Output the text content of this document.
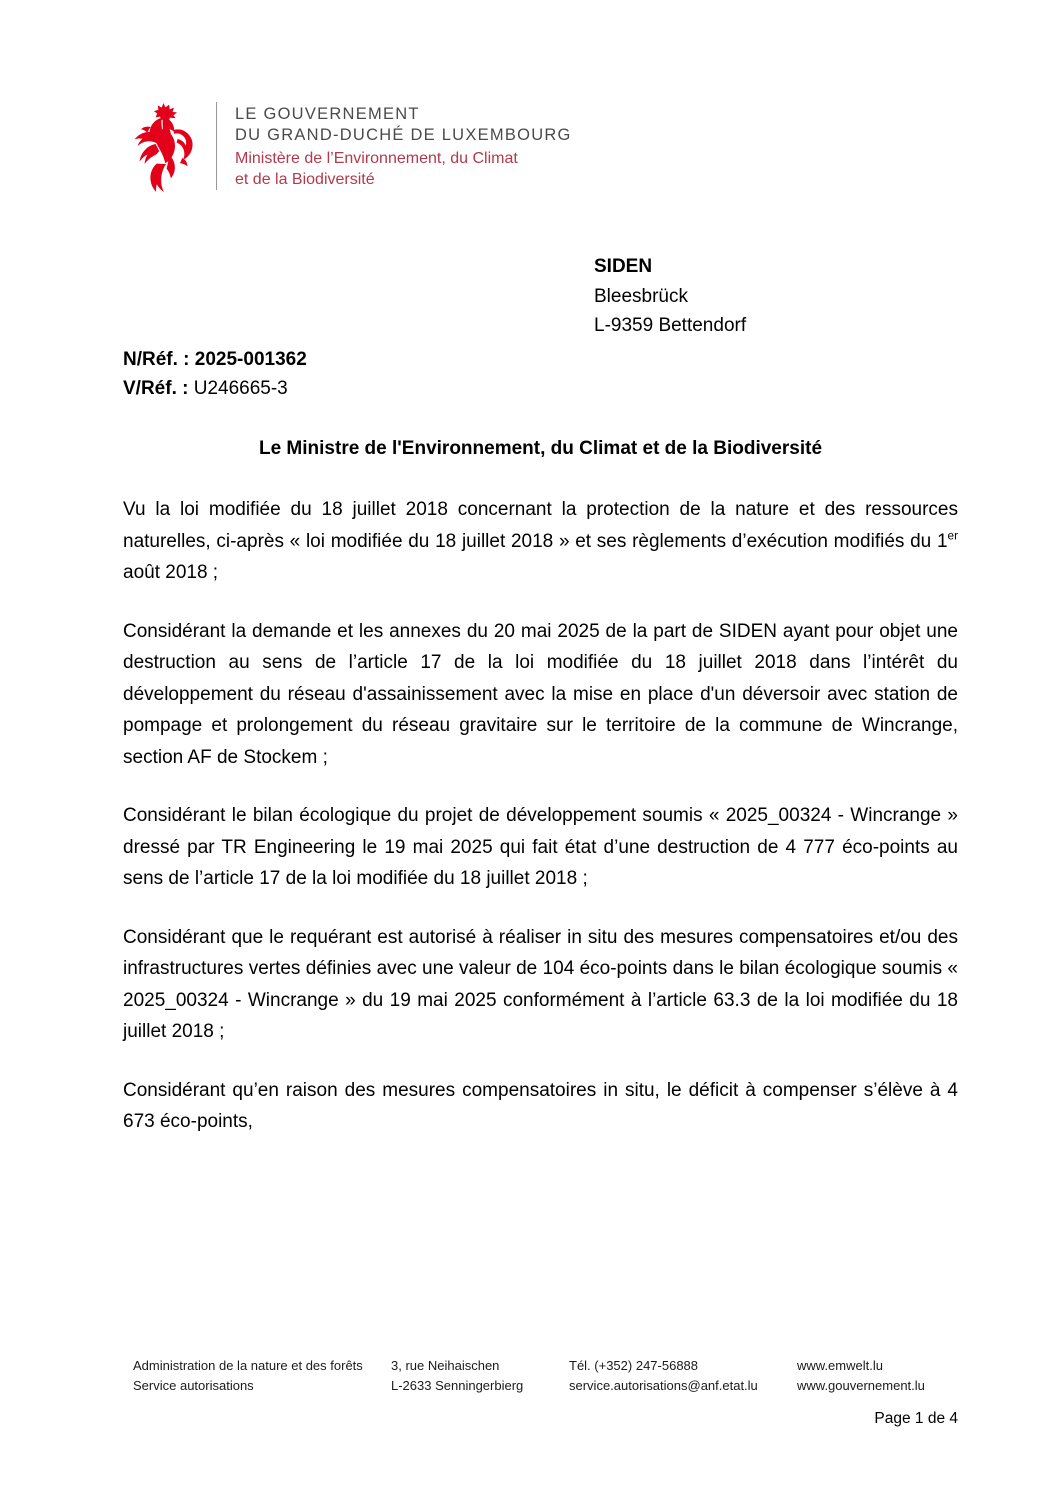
LE GOUVERNEMENT
DU GRAND-DUCHÉ DE LUXEMBOURG
Ministère de l’Environnement, du Climat
et de la Biodiversité
SIDEN
Bleesbrück
L-9359 Bettendorf
N/Réf. : 2025-001362
V/Réf. : U246665-3
Le Ministre de l'Environnement, du Climat et de la Biodiversité

Vu la loi modifiée du 18 juillet 2018 concernant la protection de la nature et des ressources naturelles, ci-après « loi modifiée du 18 juillet 2018 » et ses règlements d’exécution modifiés du 1er août 2018 ;

Considérant la demande et les annexes du 20 mai 2025 de la part de SIDEN ayant pour objet une destruction au sens de l’article 17 de la loi modifiée du 18 juillet 2018 dans l’intérêt du développement du réseau d'assainissement avec la mise en place d'un déversoir avec station de pompage et prolongement du réseau gravitaire sur le territoire de la commune de Wincrange, section AF de Stockem ;

Considérant le bilan écologique du projet de développement soumis « 2025_00324 - Wincrange » dressé par TR Engineering le 19 mai 2025 qui fait état d’une destruction de 4 777 éco-points au sens de l’article 17 de la loi modifiée du 18 juillet 2018 ;

Considérant que le requérant est autorisé à réaliser in situ des mesures compensatoires et/ou des infrastructures vertes définies avec une valeur de 104 éco-points dans le bilan écologique soumis « 2025_00324 - Wincrange » du 19 mai 2025 conformément à l’article 63.3 de la loi modifiée du 18 juillet 2018 ;

Considérant qu’en raison des mesures compensatoires in situ, le déficit à compenser s’élève à 4 673 éco-points,

Administration de la nature et des forêts
Service autorisations
3, rue Neihaischen
L-2633 Senningerbierg
Tél. (+352) 247-56888
service.autorisations@anf.etat.lu
www.emwelt.lu
www.gouvernement.lu
Page 1 de 4
